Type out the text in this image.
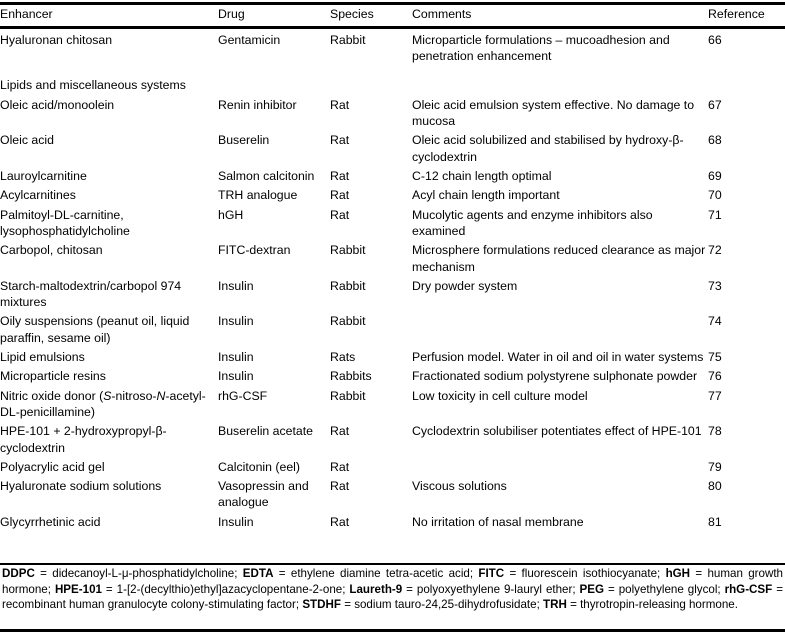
Enhancer	Drug	Species	Comments	Reference
Hyaluronan chitosan	Gentamicin	Rabbit	Microparticle formulations – mucoadhesion and penetration enhancement	66
Lipids and miscellaneous systems				
Oleic acid/monoolein	Renin inhibitor	Rat	Oleic acid emulsion system effective. No damage to mucosa	67
Oleic acid	Buserelin	Rat	Oleic acid solubilized and stabilised by hydroxy-β-cyclodextrin	68
Lauroylcarnitine	Salmon calcitonin	Rat	C-12 chain length optimal	69
Acylcarnitines	TRH analogue	Rat	Acyl chain length important	70
Palmitoyl-DL-carnitine, lysophosphatidylcholine	hGH	Rat	Mucolytic agents and enzyme inhibitors also examined	71
Carbopol, chitosan	FITC-dextran	Rabbit	Microsphere formulations reduced clearance as major mechanism	72
Starch-maltodextrin/carbopol 974 mixtures	Insulin	Rabbit	Dry powder system	73
Oily suspensions (peanut oil, liquid paraffin, sesame oil)	Insulin	Rabbit		74
Lipid emulsions	Insulin	Rats	Perfusion model. Water in oil and oil in water systems	75
Microparticle resins	Insulin	Rabbits	Fractionated sodium polystyrene sulphonate powder	76
Nitric oxide donor (S-nitroso-N-acetyl-DL-penicillamine)	rhG-CSF	Rabbit	Low toxicity in cell culture model	77
HPE-101 + 2-hydroxypropyl-β-cyclodextrin	Buserelin acetate	Rat	Cyclodextrin solubiliser potentiates effect of HPE-101	78
Polyacrylic acid gel	Calcitonin (eel)	Rat		79
Hyaluronate sodium solutions	Vasopressin and analogue	Rat	Viscous solutions	80
Glycyrrhetinic acid	Insulin	Rat	No irritation of nasal membrane	81
DDPC = didecanoyl-L-μ-phosphatidylcholine; EDTA = ethylene diamine tetra-acetic acid; FITC = fluorescein isothiocyanate; hGH = human growth hormone; HPE-101 = 1-[2-(decylthio)ethyl]azacyclopentane-2-one; Laureth-9 = polyoxyethylene 9-lauryl ether; PEG = polyethylene glycol; rhG-CSF = recombinant human granulocyte colony-stimulating factor; STDHF = sodium tauro-24,25-dihydrofusidate; TRH = thyrotropin-releasing hormone.
